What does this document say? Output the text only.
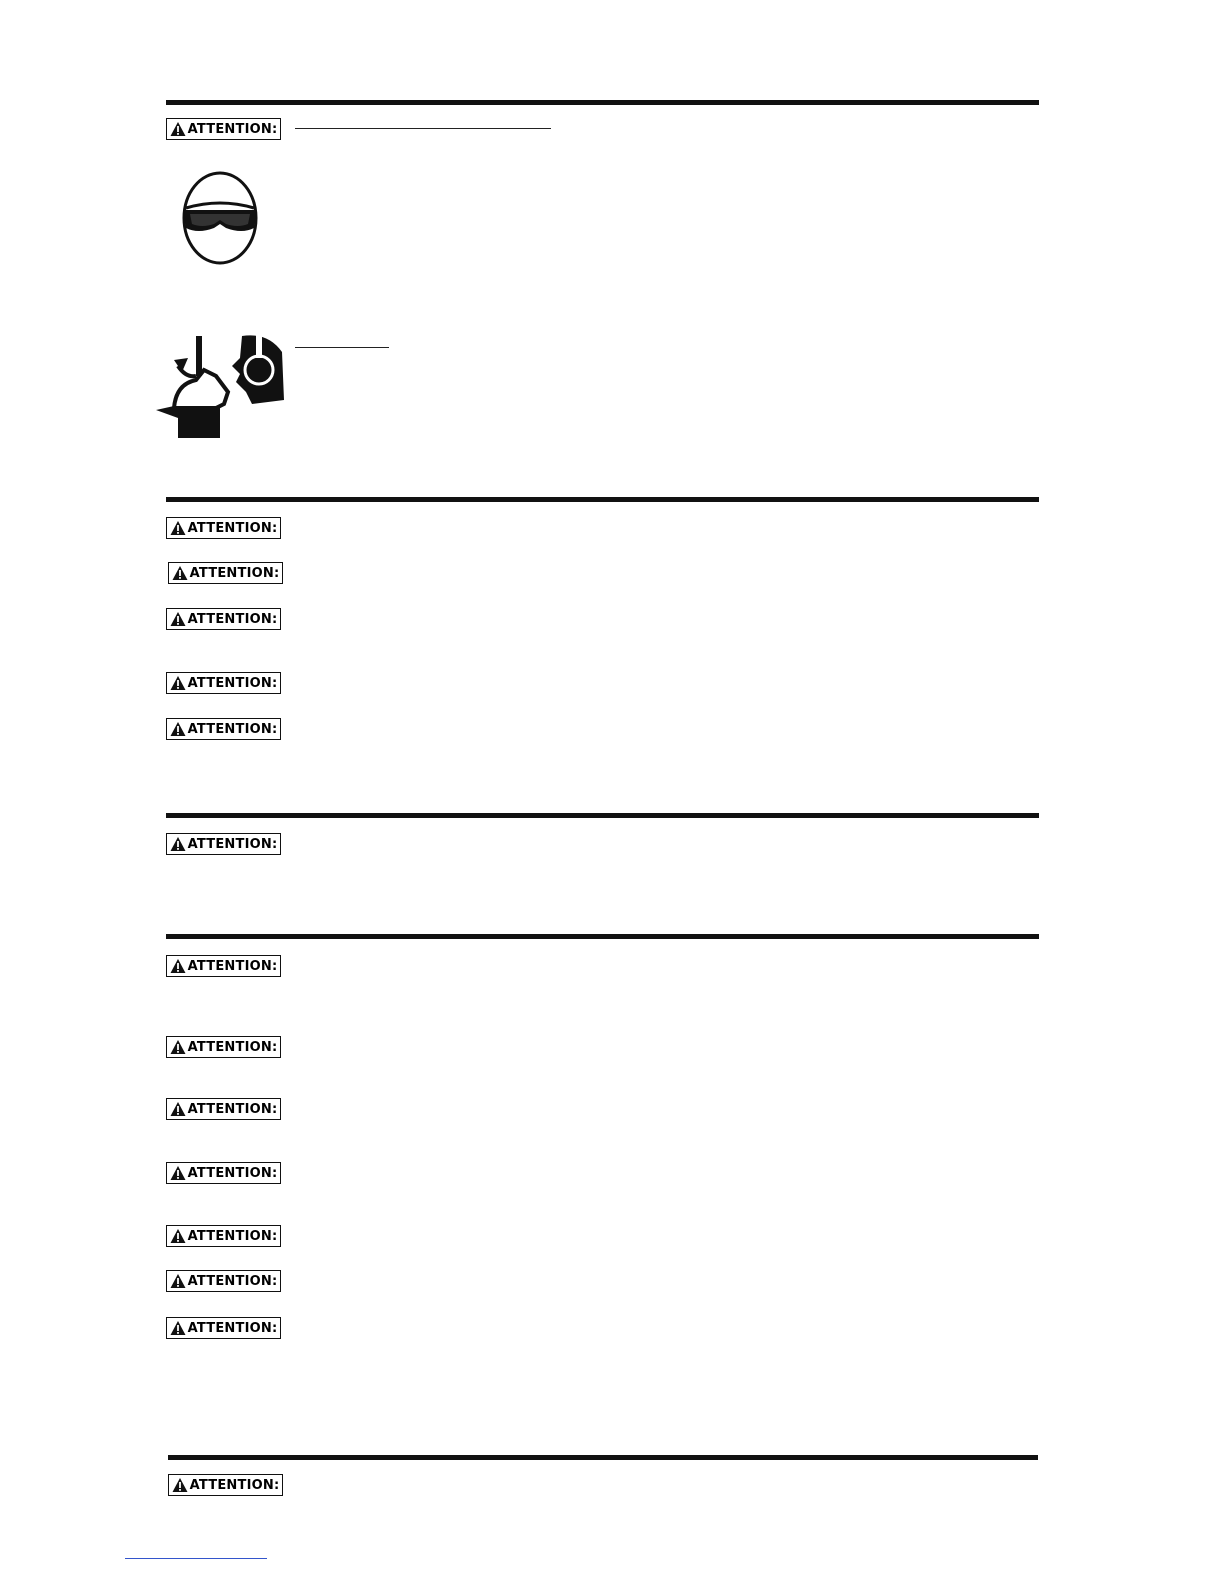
ATTENTION:
ATTENTION:
ATTENTION:
ATTENTION:
ATTENTION:
ATTENTION:
ATTENTION:
ATTENTION:
ATTENTION:
ATTENTION:
ATTENTION:
ATTENTION:
ATTENTION:
ATTENTION:
ATTENTION:
